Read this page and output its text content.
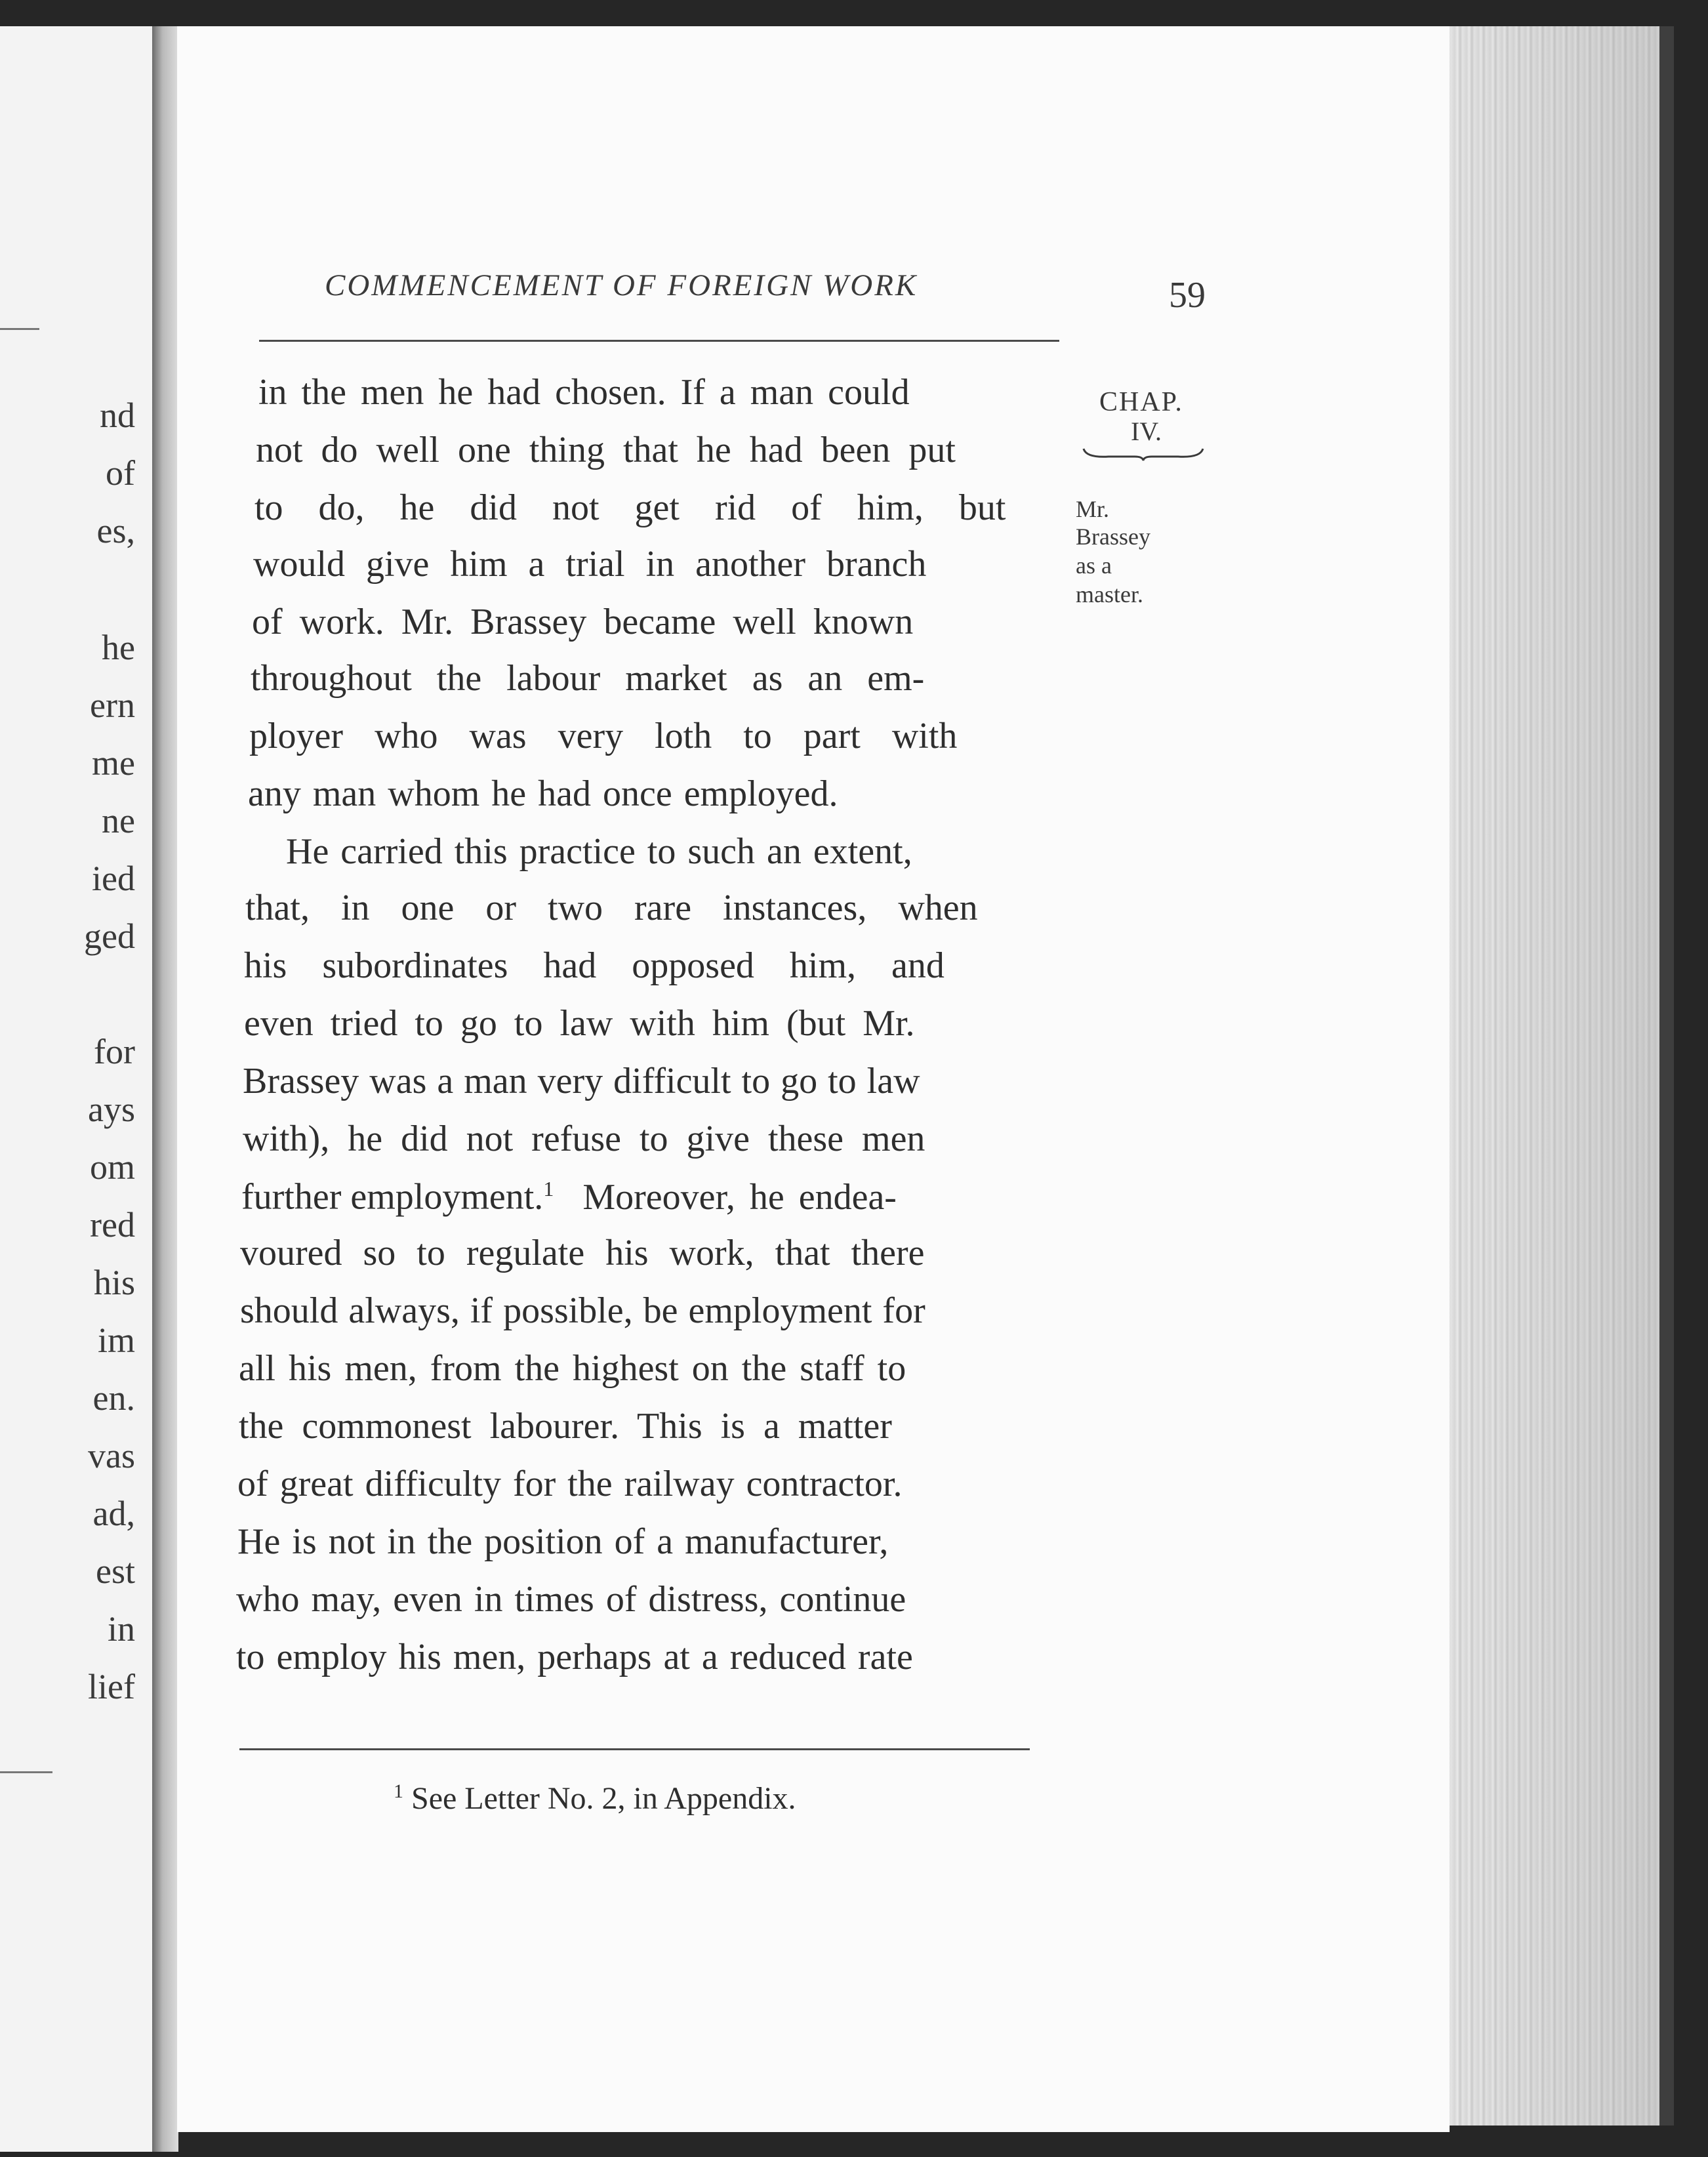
nd
of
es,
he
ern
me
ne
ied
ged
for
ays
om
red
his
im
en.
vas
ad,
est
in
lief
COMMENCEMENT OF FOREIGN WORK	59
CHAP.
IV.
Mr.
Brassey
as a
master.
in the men he had chosen. If a man could
not do well one thing that he had been put
to do, he did not get rid of him, but
would give him a trial in another branch
of work. Mr. Brassey became well known
throughout the labour market as an em-
ployer who was very loth to part with
any man whom he had once employed.
He carried this practice to such an extent,
that, in one or two rare instances, when
his subordinates had opposed him, and
even tried to go to law with him (but Mr.
Brassey was a man very difficult to go to law
with), he did not refuse to give these men
further employment.$^1$ Moreover, he endea-
voured so to regulate his work, that there
should always, if possible, be employment for
all his men, from the highest on the staff to
the commonest labourer. This is a matter
of great difficulty for the railway contractor.
He is not in the position of a manufacturer,
who may, even in times of distress, continue
to employ his men, perhaps at a reduced rate
$^1$ See Letter No. 2, in Appendix.
